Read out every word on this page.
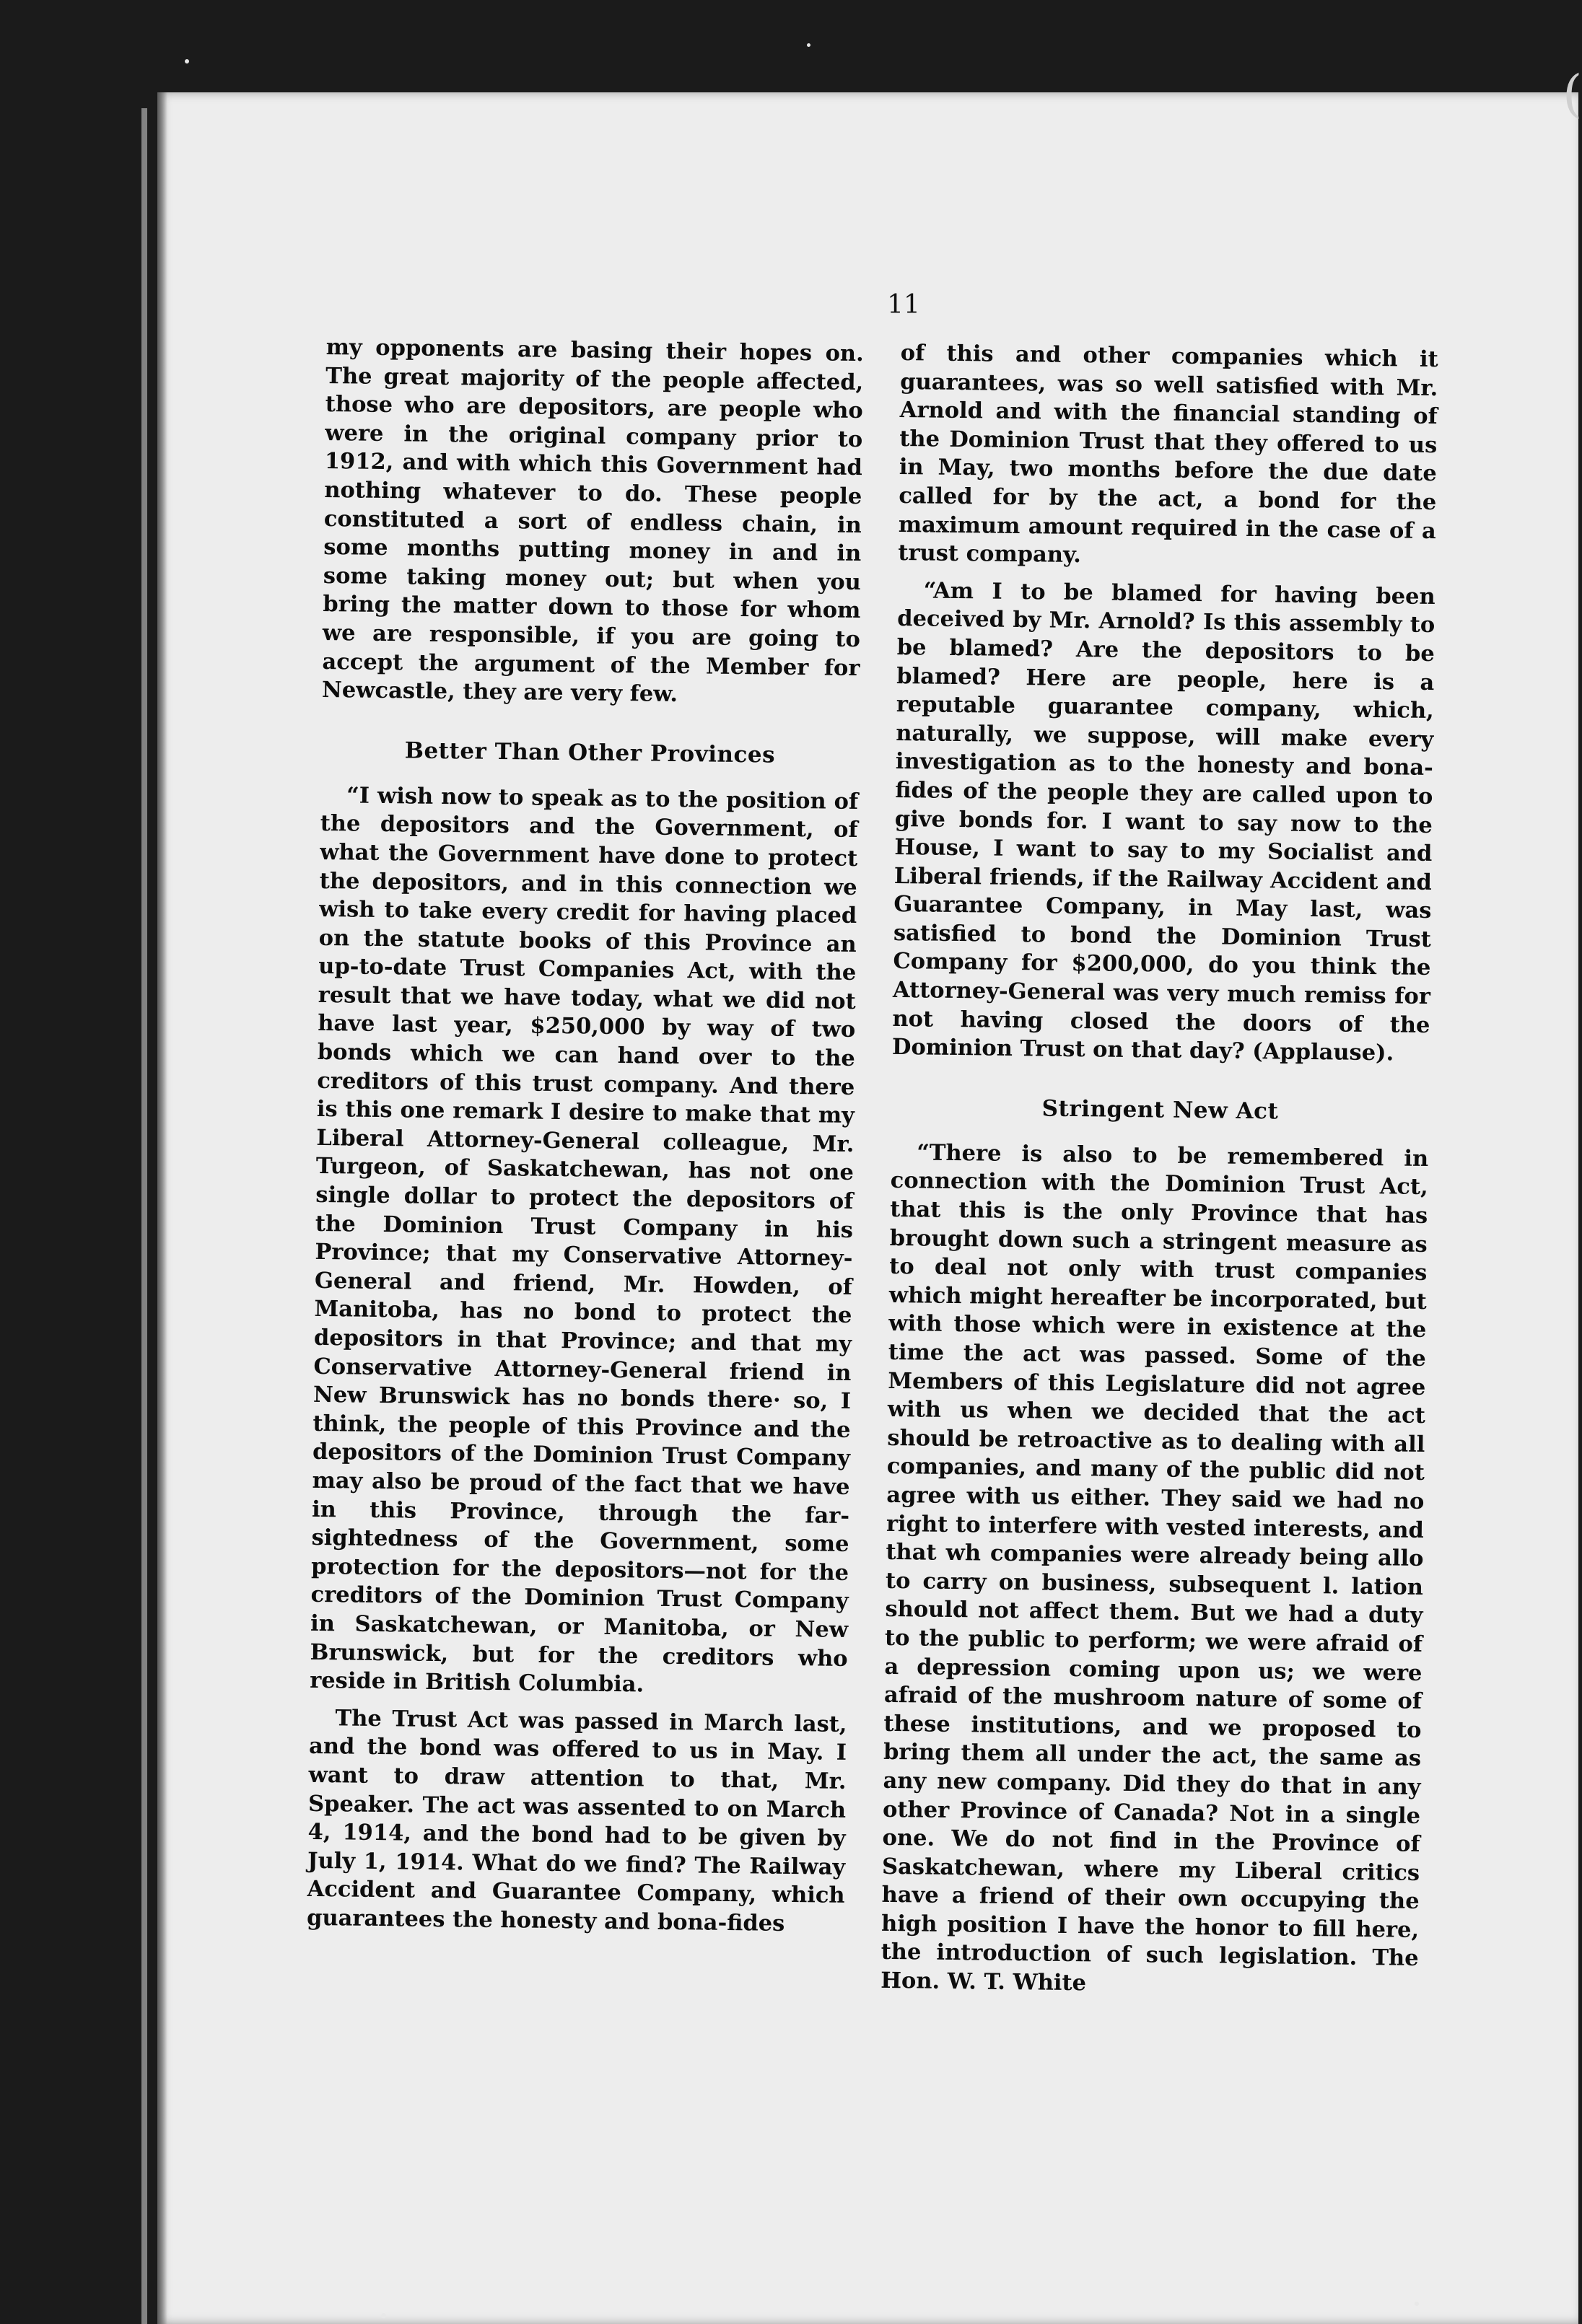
(
11

my opponents are basing their hopes on. The great majority of the people affected, those who are depositors, are people who were in the original company prior to 1912, and with which this Government had nothing whatever to do. These people constituted a sort of endless chain, in some months putting money in and in some taking money out; but when you bring the matter down to those for whom we are responsible, if you are going to accept the argument of the Member for Newcastle, they are very few.

Better Than Other Provinces

“I wish now to speak as to the position of the depositors and the Government, of what the Government have done to protect the depositors, and in this connection we wish to take every credit for having placed on the statute books of this Province an up-to-date Trust Companies Act, with the result that we have today, what we did not have last year, $250,000 by way of two bonds which we can hand over to the creditors of this trust company. And there is this one remark I desire to make that my Liberal Attorney-General colleague, Mr. Turgeon, of Saskatchewan, has not one single dollar to protect the depositors of the Dominion Trust Company in his Province; that my Conservative Attorney-General and friend, Mr. Howden, of Manitoba, has no bond to protect the depositors in that Province; and that my Conservative Attorney-General friend in New Brunswick has no bonds there· so, I think, the people of this Province and the depositors of the Dominion Trust Company may also be proud of the fact that we have in this Province, through the far-sightedness of the Government, some protection for the depositors—not for the creditors of the Dominion Trust Company in Saskatchewan, or Manitoba, or New Brunswick, but for the creditors who reside in British Columbia.

The Trust Act was passed in March last, and the bond was offered to us in May. I want to draw attention to that, Mr. Speaker. The act was assented to on March 4, 1914, and the bond had to be given by July 1, 1914. What do we find? The Railway Accident and Guarantee Company, which guarantees the honesty and bona-fides

of this and other companies which it guarantees, was so well satisfied with Mr. Arnold and with the financial standing of the Dominion Trust that they offered to us in May, two months before the due date called for by the act, a bond for the maximum amount required in the case of a trust company.

“Am I to be blamed for having been deceived by Mr. Arnold? Is this assembly to be blamed? Are the depositors to be blamed? Here are people, here is a reputable guarantee company, which, naturally, we suppose, will make every investigation as to the honesty and bona-fides of the people they are called upon to give bonds for. I want to say now to the House, I want to say to my Socialist and Liberal friends, if the Railway Accident and Guarantee Company, in May last, was satisfied to bond the Dominion Trust Company for $200,000, do you think the Attorney-General was very much remiss for not having closed the doors of the Dominion Trust on that day? (Applause).

Stringent New Act

“There is also to be remembered in connection with the Dominion Trust Act, that this is the only Province that has brought down such a stringent measure as to deal not only with trust companies which might hereafter be incorporated, but with those which were in existence at the time the act was passed. Some of the Members of this Legislature did not agree with us when we decided that the act should be retroactive as to dealing with all companies, and many of the public did not agree with us either. They said we had no right to interfere with vested interests, and that wh companies were already being allo to carry on business, subsequent l. lation should not affect them. But we had a duty to the public to perform; we were afraid of a depression coming upon us; we were afraid of the mushroom nature of some of these institutions, and we proposed to bring them all under the act, the same as any new company. Did they do that in any other Province of Canada? Not in a single one. We do not find in the Province of Saskatchewan, where my Liberal critics have a friend of their own occupying the high position I have the honor to fill here, the introduction of such legislation. The Hon. W. T. White
